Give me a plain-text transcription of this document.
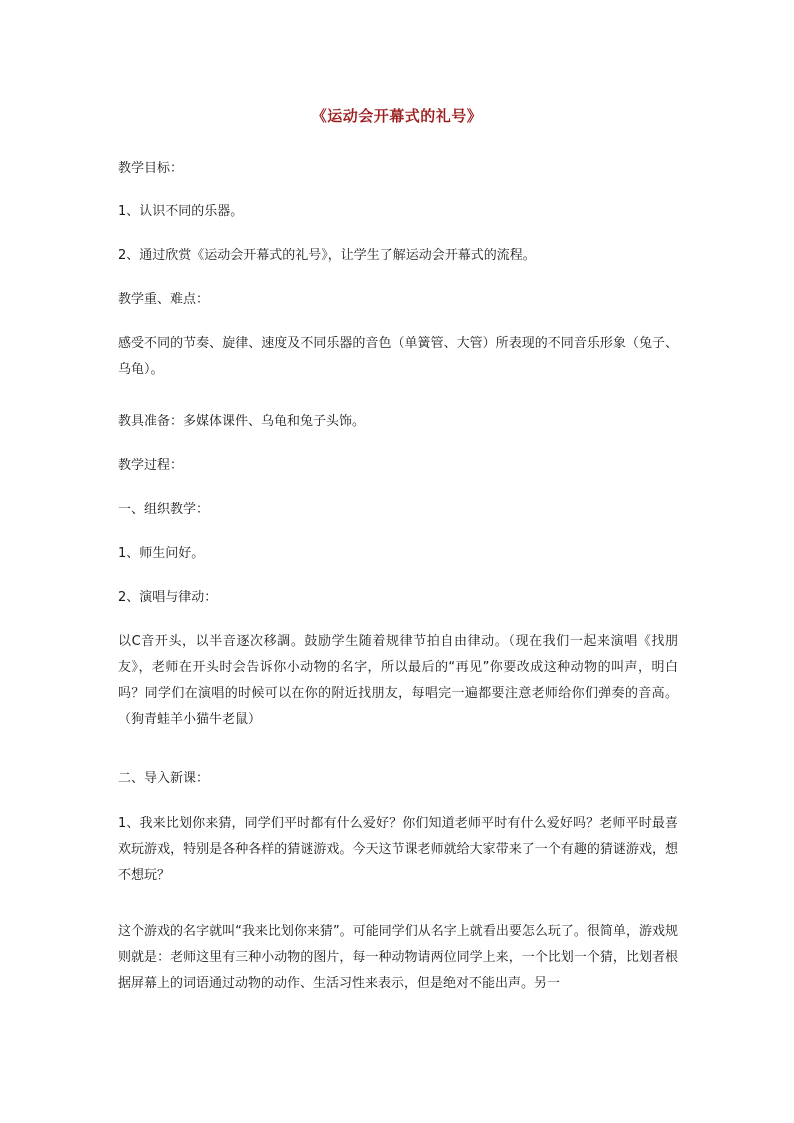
《运动会开幕式的礼号》

教学目标：

1、认识不同的乐器。

2、通过欣赏《运动会开幕式的礼号》，让学生了解运动会开幕式的流程。

教学重、难点：

感受不同的节奏、旋律、速度及不同乐器的音色（单簧管、大管）所表现的不同音乐形象（兔子、乌龟）。

教具准备：多媒体课件、乌龟和兔子头饰。

教学过程：

一、组织教学：

1、师生问好。

2、演唱与律动：

以C音开头，以半音逐次移調。鼓励学生随着规律节拍自由律动。（现在我们一起来演唱《找朋友》，老师在开头时会告诉你小动物的名字，所以最后的“再见”你要改成这种动物的叫声，明白吗？同学们在演唱的时候可以在你的附近找朋友，每唱完一遍都要注意老师给你们弹奏的音高。（狗青蛙羊小猫牛老鼠）

二、导入新课：

1、我来比划你来猜，同学们平时都有什么爱好？你们知道老师平时有什么爱好吗？老师平时最喜欢玩游戏，特别是各种各样的猜谜游戏。今天这节课老师就给大家带来了一个有趣的猜谜游戏，想不想玩？

这个游戏的名字就叫“我来比划你来猜”。可能同学们从名字上就看出要怎么玩了。很简单，游戏规则就是：老师这里有三种小动物的图片，每一种动物请两位同学上来，一个比划一个猜，比划者根据屏幕上的词语通过动物的动作、生活习性来表示，但是绝对不能出声。另一
